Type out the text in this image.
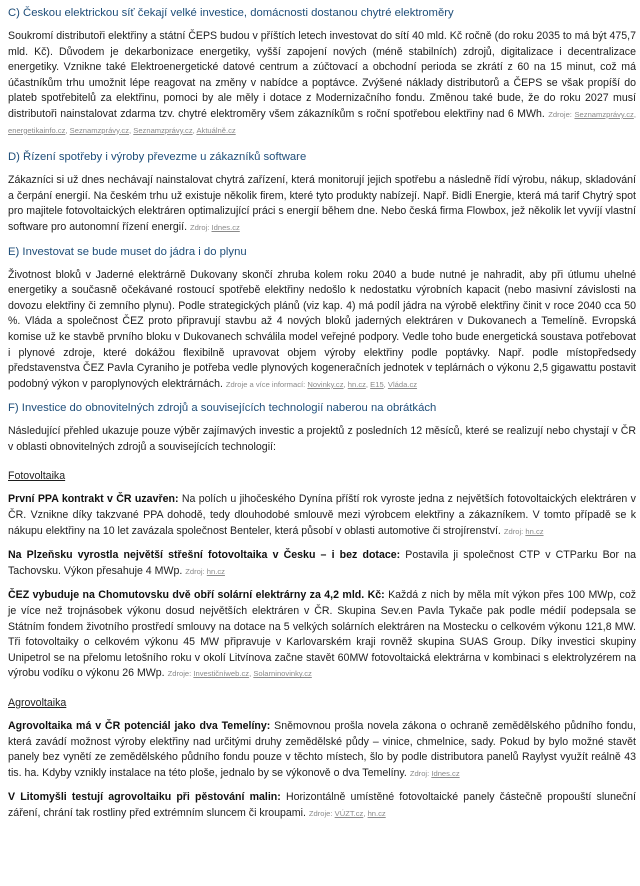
C) Českou elektrickou síť čekají velké investice, domácnosti dostanou chytré elektroměry

Soukromí distributoři elektřiny a státní ČEPS budou v příštích letech investovat do sítí 40 mld. Kč ročně (do roku 2035 to má být 475,7 mld. Kč). Důvodem je dekarbonizace energetiky, vyšší zapojení nových (méně stabilních) zdrojů, digitalizace i decentralizace energetiky. Vznikne také Elektroenergetické datové centrum a zúčtovací a obchodní perioda se zkrátí z 60 na 15 minut, což má účastníkům trhu umožnit lépe reagovat na změny v nabídce a poptávce. Zvýšené náklady distributorů a ČEPS se však propíší do plateb spotřebitelů za elektřinu, pomoci by ale měly i dotace z Modernizačního fondu. Změnou také bude, že do roku 2027 musí distributoři nainstalovat zdarma tzv. chytré elektroměry všem zákazníkům s roční spotřebou elektřiny nad 6 MWh. Zdroje: Seznamzprávy.cz, energetikainfo.cz, Seznamzprávy.cz, Seznamzprávy.cz, Aktuálně.cz

D) Řízení spotřeby i výroby převezme u zákazníků software

Zákazníci si už dnes nechávají nainstalovat chytrá zařízení, která monitorují jejich spotřebu a následně řídí výrobu, nákup, skladování a čerpání energií. Na českém trhu už existuje několik firem, které tyto produkty nabízejí. Např. Bidli Energie, která má tarif Chytrý spot pro majitele fotovoltaických elektráren optimalizující práci s energií během dne. Nebo česká firma Flowbox, jež několik let vyvíjí vlastní software pro autonomní řízení energií. Zdroj: Idnes.cz

E) Investovat se bude muset do jádra i do plynu

Životnost bloků v Jaderné elektrárně Dukovany skončí zhruba kolem roku 2040 a bude nutné je nahradit, aby při útlumu uhelné energetiky a současně očekávané rostoucí spotřebě elektřiny nedošlo k nedostatku výrobních kapacit (nebo masivní závislosti na dovozu elektřiny či zemního plynu). Podle strategických plánů (viz kap. 4) má podíl jádra na výrobě elektřiny činit v roce 2040 cca 50 %. Vláda a společnost ČEZ proto připravují stavbu až 4 nových bloků jaderných elektráren v Dukovanech a Temelíně. Evropská komise už ke stavbě prvního bloku v Dukovanech schválila model veřejné podpory. Vedle toho bude energetická soustava potřebovat i plynové zdroje, které dokážou flexibilně upravovat objem výroby elektřiny podle poptávky. Např. podle místopředsedy představenstva ČEZ Pavla Cyraniho je potřeba vedle plynových kogeneračních jednotek v teplárnách o výkonu 2,5 gigawattu postavit podobný výkon v paroplynových elektrárnách. Zdroje a více informací: Novinky.cz, hn.cz, E15, Vláda.cz

F) Investice do obnovitelných zdrojů a souvisejících technologií naberou na obrátkách

Následující přehled ukazuje pouze výběr zajímavých investic a projektů z posledních 12 měsíců, které se realizují nebo chystají v ČR v oblasti obnovitelných zdrojů a souvisejících technologií:

Fotovoltaika

První PPA kontrakt v ČR uzavřen: Na polích u jihočeského Dynína příští rok vyroste jedna z největších fotovoltaických elektráren v ČR. Vznikne díky takzvané PPA dohodě, tedy dlouhodobé smlouvě mezi výrobcem elektřiny a zákazníkem. V tomto případě se k nákupu elektřiny na 10 let zavázala společnost Benteler, která působí v oblasti automotive či strojírenství. Zdroj: hn.cz

Na Plzeňsku vyrostla největší střešní fotovoltaika v Česku – i bez dotace: Postavila ji společnost CTP v CTParku Bor na Tachovsku. Výkon přesahuje 4 MWp. Zdroj: hn.cz

ČEZ vybuduje na Chomutovsku dvě obří solární elektrárny za 4,2 mld. Kč: Každá z nich by měla mít výkon přes 100 MWp, což je více než trojnásobek výkonu dosud největších elektráren v ČR. Skupina Sev.en Pavla Tykače pak podle médií podepsala se Státním fondem životního prostředí smlouvy na dotace na 5 velkých solárních elektráren na Mostecku o celkovém výkonu 121,8 MW. Tři fotovoltaiky o celkovém výkonu 45 MW připravuje v Karlovarském kraji rovněž skupina SUAS Group. Díky investici skupiny Unipetrol se na přelomu letošního roku v okolí Litvínova začne stavět 60MW fotovoltaická elektrárna v kombinaci s elektrolyzérem na výrobu vodíku o výkonu 26 MWp. Zdroje: Investičníweb.cz, Solarninovinky.cz

Agrovoltaika

Agrovoltaika má v ČR potenciál jako dva Temelíny: Sněmovnou prošla novela zákona o ochraně zemědělského půdního fondu, která zavádí možnost výroby elektřiny nad určitými druhy zemědělské půdy – vinice, chmelnice, sady. Pokud by bylo možné stavět panely bez vynětí ze zemědělského půdního fondu pouze v těchto místech, šlo by podle distributora panelů Raylyst využít reálně 43 tis. ha. Kdyby vznikly instalace na této ploše, jednalo by se výkonově o dva Temelíny. Zdroj: Idnes.cz

V Litomyšli testují agrovoltaiku při pěstování malin: Horizontálně umístěné fotovoltaické panely částečně propouští sluneční záření, chrání tak rostliny před extrémním sluncem či kroupami. Zdroje: VÚZT.cz, hn.cz
